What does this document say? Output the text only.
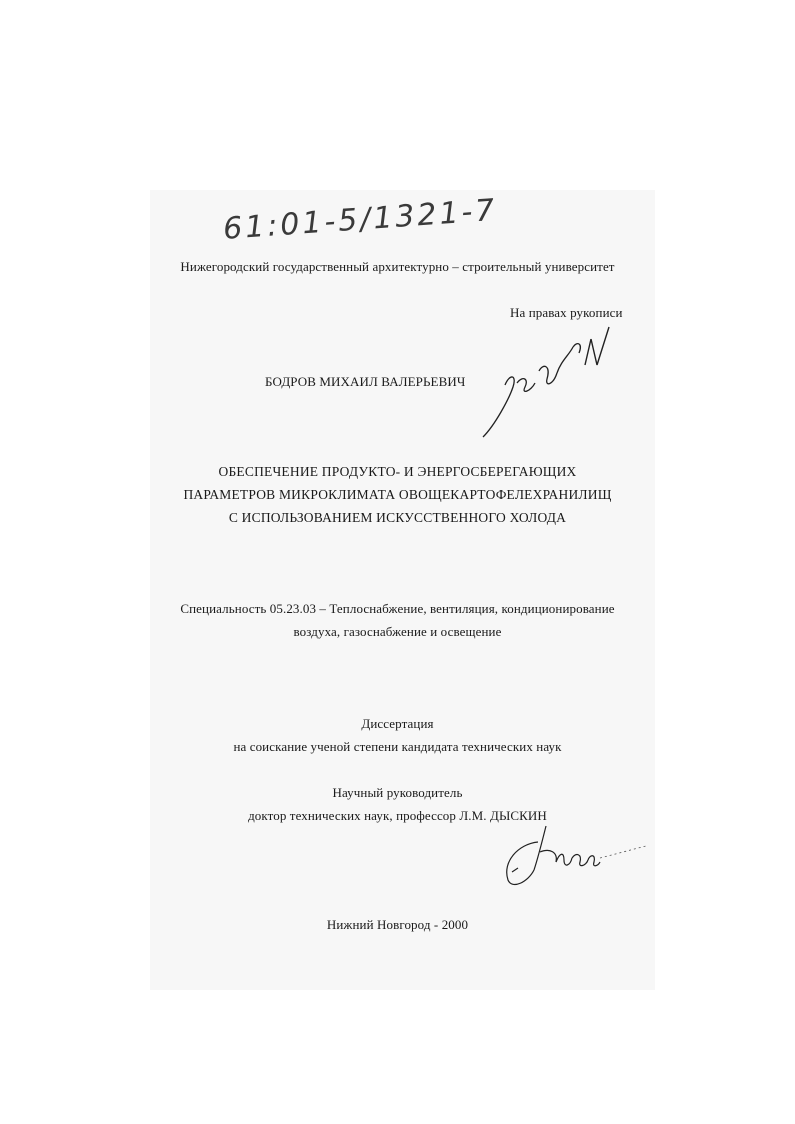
61:01-5/1321-7
Нижегородский государственный архитектурно – строительный университет
На правах рукописи
БОДРОВ МИХАИЛ ВАЛЕРЬЕВИЧ
ОБЕСПЕЧЕНИЕ ПРОДУКТО- И ЭНЕРГОСБЕРЕГАЮЩИХ
ПАРАМЕТРОВ МИКРОКЛИМАТА ОВОЩЕКАРТОФЕЛЕХРАНИЛИЩ
С ИСПОЛЬЗОВАНИЕМ ИСКУССТВЕННОГО ХОЛОДА
Специальность 05.23.03 – Теплоснабжение, вентиляция, кондиционирование
воздуха, газоснабжение и освещение
Диссертация
на соискание ученой степени кандидата технических наук
Научный руководитель
доктор технических наук, профессор Л.М. ДЫСКИН
Нижний Новгород - 2000
